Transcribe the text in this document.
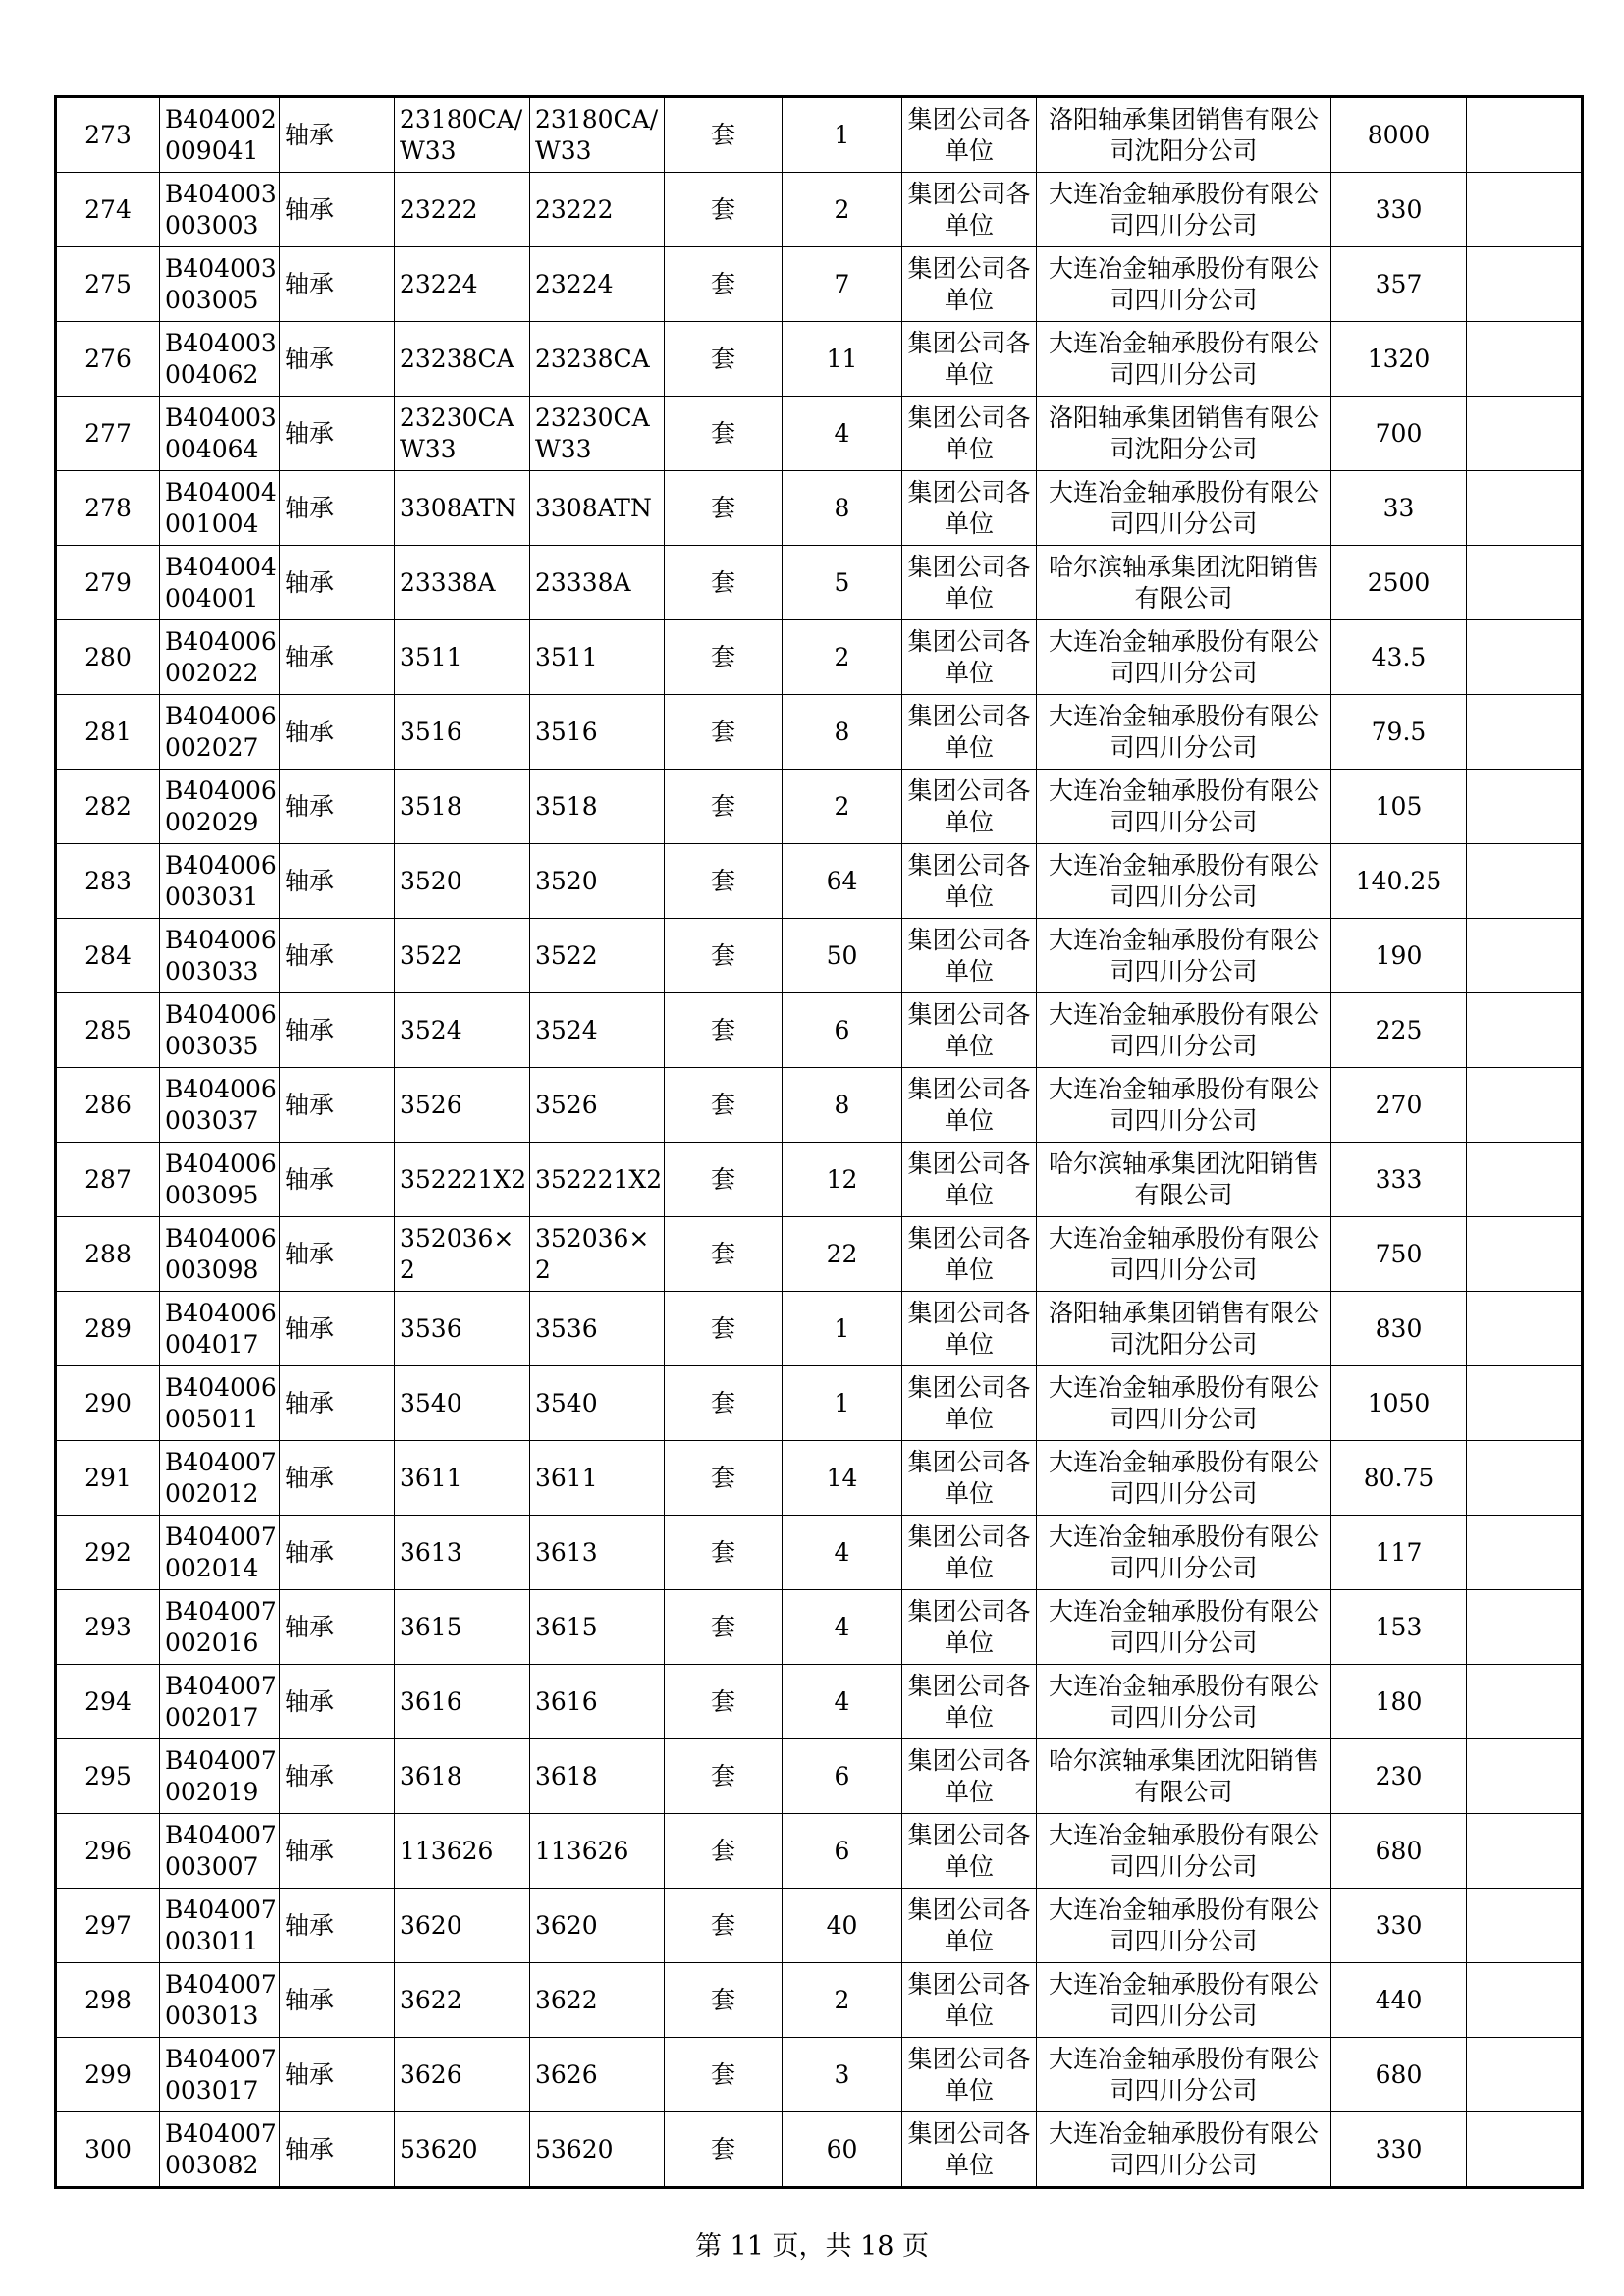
273	B404002009041	轴承	23180CA/W33	23180CA/W33	套	1	集团公司各单位	洛阳轴承集团销售有限公司沈阳分公司	8000	
274	B404003003003	轴承	23222	23222	套	2	集团公司各单位	大连冶金轴承股份有限公司四川分公司	330	
275	B404003003005	轴承	23224	23224	套	7	集团公司各单位	大连冶金轴承股份有限公司四川分公司	357	
276	B404003004062	轴承	23238CA	23238CA	套	11	集团公司各单位	大连冶金轴承股份有限公司四川分公司	1320	
277	B404003004064	轴承	23230CAW33	23230CAW33	套	4	集团公司各单位	洛阳轴承集团销售有限公司沈阳分公司	700	
278	B404004001004	轴承	3308ATN	3308ATN	套	8	集团公司各单位	大连冶金轴承股份有限公司四川分公司	33	
279	B404004004001	轴承	23338A	23338A	套	5	集团公司各单位	哈尔滨轴承集团沈阳销售有限公司	2500	
280	B404006002022	轴承	3511	3511	套	2	集团公司各单位	大连冶金轴承股份有限公司四川分公司	43.5	
281	B404006002027	轴承	3516	3516	套	8	集团公司各单位	大连冶金轴承股份有限公司四川分公司	79.5	
282	B404006002029	轴承	3518	3518	套	2	集团公司各单位	大连冶金轴承股份有限公司四川分公司	105	
283	B404006003031	轴承	3520	3520	套	64	集团公司各单位	大连冶金轴承股份有限公司四川分公司	140.25	
284	B404006003033	轴承	3522	3522	套	50	集团公司各单位	大连冶金轴承股份有限公司四川分公司	190	
285	B404006003035	轴承	3524	3524	套	6	集团公司各单位	大连冶金轴承股份有限公司四川分公司	225	
286	B404006003037	轴承	3526	3526	套	8	集团公司各单位	大连冶金轴承股份有限公司四川分公司	270	
287	B404006003095	轴承	352221X2	352221X2	套	12	集团公司各单位	哈尔滨轴承集团沈阳销售有限公司	333	
288	B404006003098	轴承	352036×2	352036×2	套	22	集团公司各单位	大连冶金轴承股份有限公司四川分公司	750	
289	B404006004017	轴承	3536	3536	套	1	集团公司各单位	洛阳轴承集团销售有限公司沈阳分公司	830	
290	B404006005011	轴承	3540	3540	套	1	集团公司各单位	大连冶金轴承股份有限公司四川分公司	1050	
291	B404007002012	轴承	3611	3611	套	14	集团公司各单位	大连冶金轴承股份有限公司四川分公司	80.75	
292	B404007002014	轴承	3613	3613	套	4	集团公司各单位	大连冶金轴承股份有限公司四川分公司	117	
293	B404007002016	轴承	3615	3615	套	4	集团公司各单位	大连冶金轴承股份有限公司四川分公司	153	
294	B404007002017	轴承	3616	3616	套	4	集团公司各单位	大连冶金轴承股份有限公司四川分公司	180	
295	B404007002019	轴承	3618	3618	套	6	集团公司各单位	哈尔滨轴承集团沈阳销售有限公司	230	
296	B404007003007	轴承	113626	113626	套	6	集团公司各单位	大连冶金轴承股份有限公司四川分公司	680	
297	B404007003011	轴承	3620	3620	套	40	集团公司各单位	大连冶金轴承股份有限公司四川分公司	330	
298	B404007003013	轴承	3622	3622	套	2	集团公司各单位	大连冶金轴承股份有限公司四川分公司	440	
299	B404007003017	轴承	3626	3626	套	3	集团公司各单位	大连冶金轴承股份有限公司四川分公司	680	
300	B404007003082	轴承	53620	53620	套	60	集团公司各单位	大连冶金轴承股份有限公司四川分公司	330	
第 11 页，共 18 页
